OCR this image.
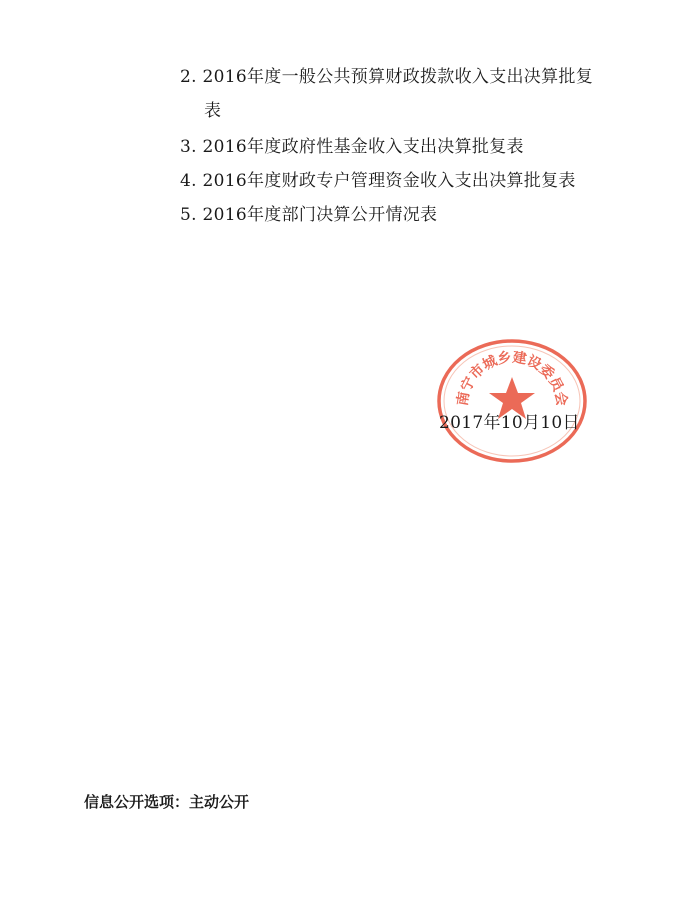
2. 2016年度一般公共预算财政拨款收入支出决算批复
表
3. 2016年度政府性基金收入支出决算批复表
4. 2016年度财政专户管理资金收入支出决算批复表
5. 2016年度部门决算公开情况表
南宁市城乡建设委员会
2017年10月10日
信息公开选项：主动公开
